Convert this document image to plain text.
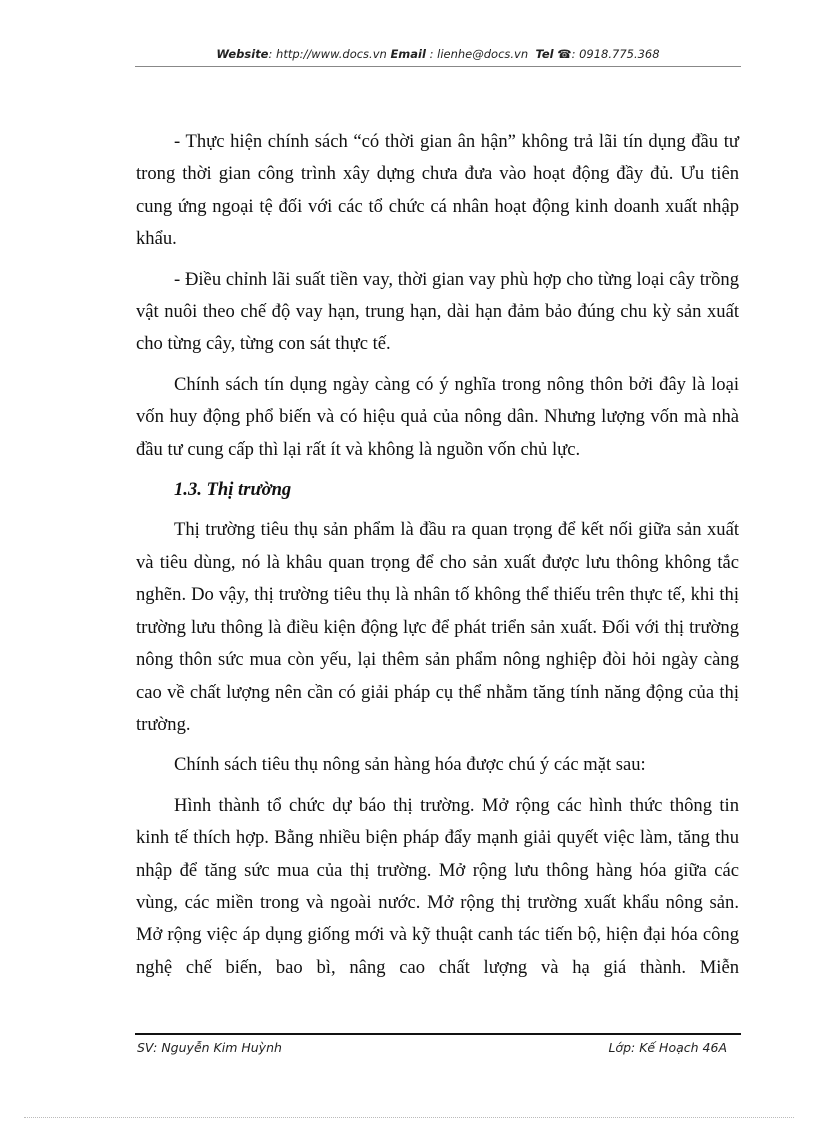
Website: http://www.docs.vn Email : lienhe@docs.vn Tel ☎: 0918.775.368

- Thực hiện chính sách “có thời gian ân hận” không trả lãi tín dụng đầu tư trong thời gian công trình xây dựng chưa đưa vào hoạt động đầy đủ. Ưu tiên cung ứng ngoại tệ đối với các tổ chức cá nhân hoạt động kinh doanh xuất nhập khẩu.

- Điều chỉnh lãi suất tiền vay, thời gian vay phù hợp cho từng loại cây trồng vật nuôi theo chế độ vay hạn, trung hạn, dài hạn đảm bảo đúng chu kỳ sản xuất cho từng cây, từng con sát thực tế.

Chính sách tín dụng ngày càng có ý nghĩa trong nông thôn bởi đây là loại vốn huy động phổ biến và có hiệu quả của nông dân. Nhưng lượng vốn mà nhà đầu tư cung cấp thì lại rất ít và không là nguồn vốn chủ lực.

1.3. Thị trường

Thị trường tiêu thụ sản phẩm là đầu ra quan trọng để kết nối giữa sản xuất và tiêu dùng, nó là khâu quan trọng để cho sản xuất được lưu thông không tắc nghẽn. Do vậy, thị trường tiêu thụ là nhân tố không thể thiếu trên thực tế, khi thị trường lưu thông là điều kiện động lực để phát triển sản xuất. Đối với thị trường nông thôn sức mua còn yếu, lại thêm sản phẩm nông nghiệp đòi hỏi ngày càng cao về chất lượng nên cần có giải pháp cụ thể nhằm tăng tính năng động của thị trường.

Chính sách tiêu thụ nông sản hàng hóa được chú ý các mặt sau:

Hình thành tổ chức dự báo thị trường. Mở rộng các hình thức thông tin kinh tế thích hợp. Bằng nhiều biện pháp đẩy mạnh giải quyết việc làm, tăng thu nhập để tăng sức mua của thị trường. Mở rộng lưu thông hàng hóa giữa các vùng, các miền trong và ngoài nước. Mở rộng thị trường xuất khẩu nông sản. Mở rộng việc áp dụng giống mới và kỹ thuật canh tác tiến bộ, hiện đại hóa công nghệ chế biến, bao bì, nâng cao chất lượng và hạ giá thành. Miễn

SV: Nguyễn Kim Huỳnh	Lớp: Kế Hoạch 46A
